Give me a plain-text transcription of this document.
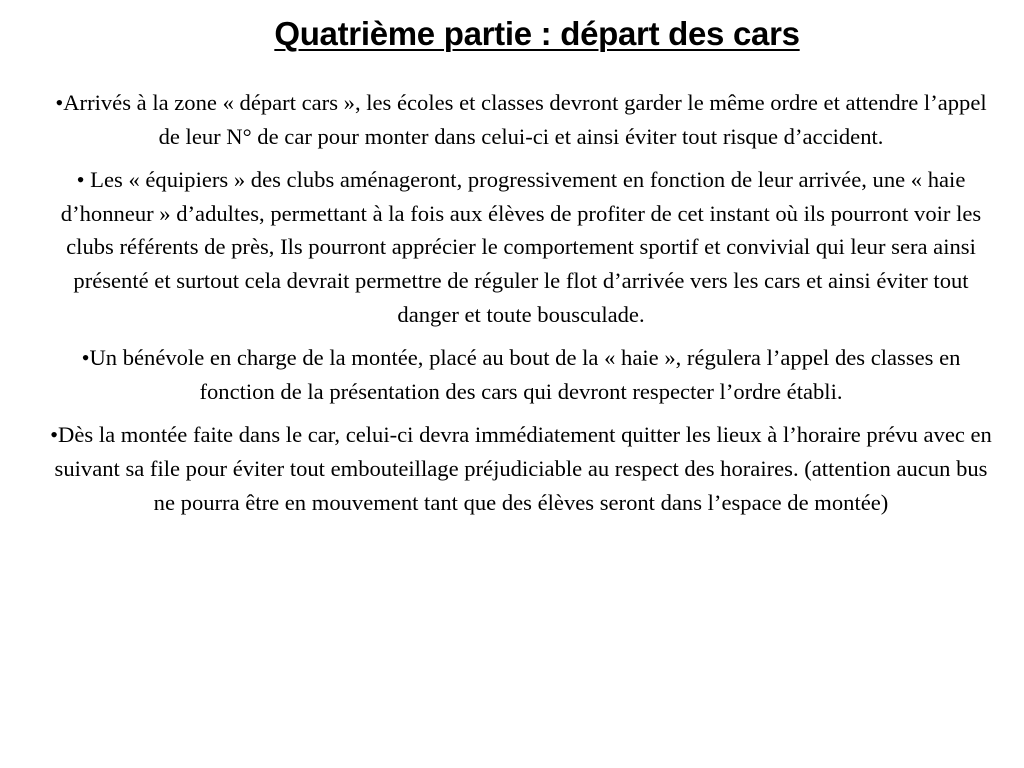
Quatrième partie : départ des cars

•Arrivés à la zone « départ cars », les écoles et classes devront garder le même ordre et attendre l’appel de leur N° de car pour monter dans celui-ci et ainsi éviter tout risque d’accident.

• Les « équipiers » des clubs aménageront, progressivement en fonction de leur arrivée, une « haie d’honneur » d’adultes, permettant à la fois aux élèves de profiter de cet instant où ils pourront voir les clubs référents de près, Ils pourront apprécier le comportement sportif et convivial qui leur sera ainsi présenté et surtout cela devrait permettre de réguler le flot d’arrivée vers les cars et ainsi éviter tout danger et toute bousculade.

•Un bénévole en charge de la montée, placé au bout de la « haie », régulera l’appel des classes en fonction de la présentation des cars qui devront respecter l’ordre établi.

•Dès la montée faite dans le car, celui-ci devra immédiatement quitter les lieux à l’horaire prévu avec en suivant sa file pour éviter tout embouteillage préjudiciable au respect des horaires. (attention aucun bus ne pourra être en mouvement tant que des élèves seront dans l’espace de montée)
